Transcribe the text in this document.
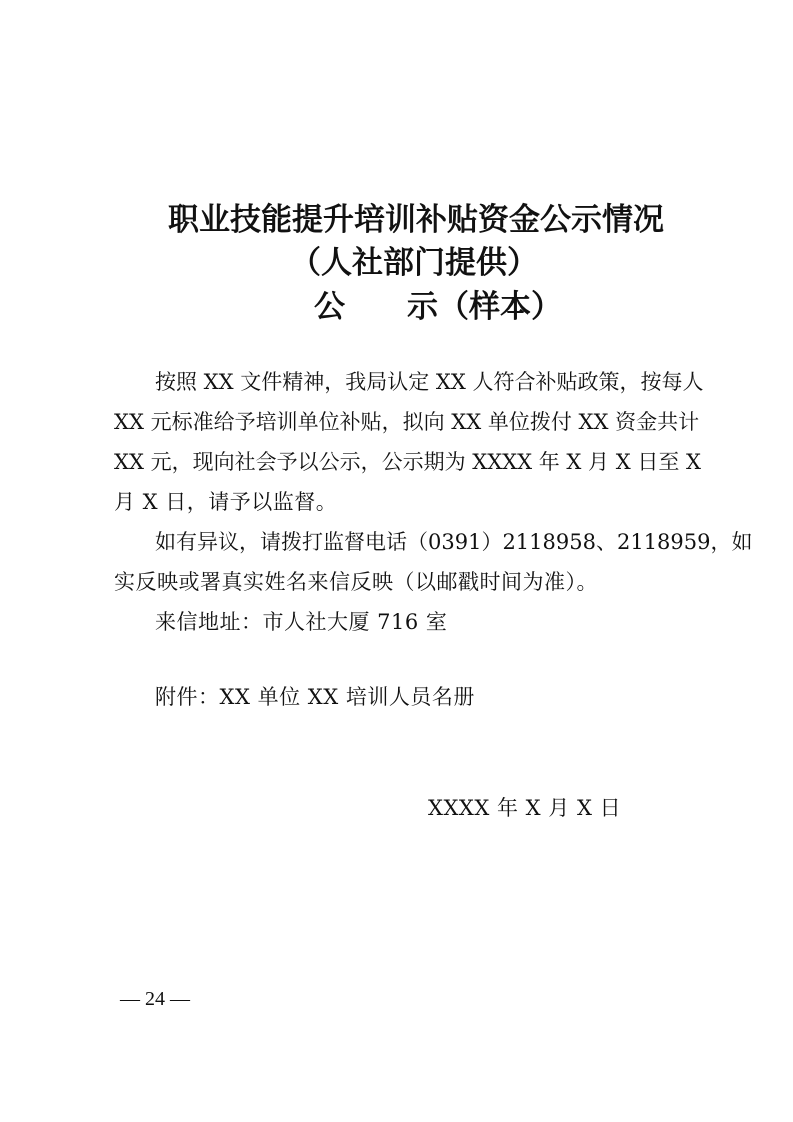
职业技能提升培训补贴资金公示情况
（人社部门提供）
公 示（样本）
按照 XX 文件精神，我局认定 XX 人符合补贴政策，按每人
XX 元标准给予培训单位补贴，拟向 XX 单位拨付 XX 资金共计
XX 元，现向社会予以公示，公示期为 XXXX 年 X 月 X 日至 X
月 X 日，请予以监督。
如有异议，请拨打监督电话（0391）2118958、2118959，如
实反映或署真实姓名来信反映（以邮戳时间为准）。
来信地址：市人社大厦 716 室
附件：XX 单位 XX 培训人员名册
XXXX 年 X 月 X 日
— 24 —
